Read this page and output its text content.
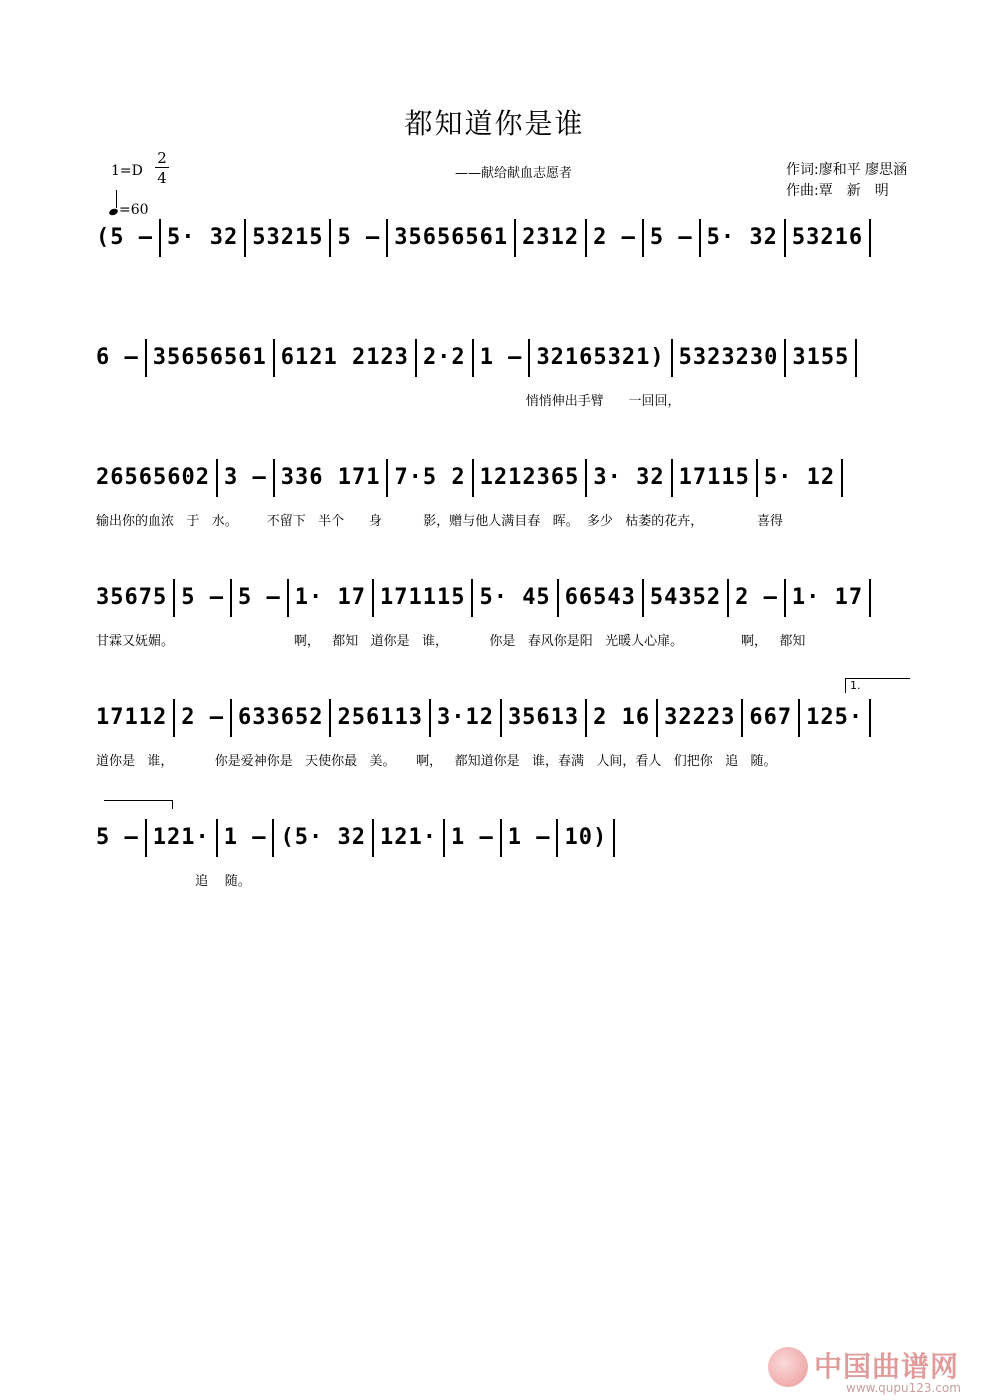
都知道你是谁
——献给献血志愿者	作词:廖和平 廖思涵
作曲:覃　新　明
1=D
2
4
=60
(5 – 5· 32 53215 5 – 35656561 2312 2 – 5 – 5· 32 53216
6 – 35656561 6121 2123 2·2 1 – 32165321) 5323230 3155
悄悄伸出手臂      一回回，
26565602 3 – 336 171 7·5 2 1212365 3· 32 17115 5· 12
输出你的血浓   于   水。       不留下   半个      身          影，赠与他人满目春   晖。  多少   枯萎的花卉，             喜得
35675 5 – 5 – 1· 17 171115 5· 45 66543 54352 2 – 1· 17
甘霖又妩媚。                             啊，   都知   道你是   谁，          你是   春风你是阳   光暖人心扉。              啊，   都知
17112 2 – 633652 256113 3·12 35613 2 16 32223 667 125·
道你是   谁，          你是爱神你是   天使你最   美。     啊，   都知道你是   谁，春满   人间，看人   们把你   追   随。
5 – 121· 1 – (5· 32 121· 1 – 1 – 10)
追    随。
1.
中国曲谱网
www.qupu123.com
